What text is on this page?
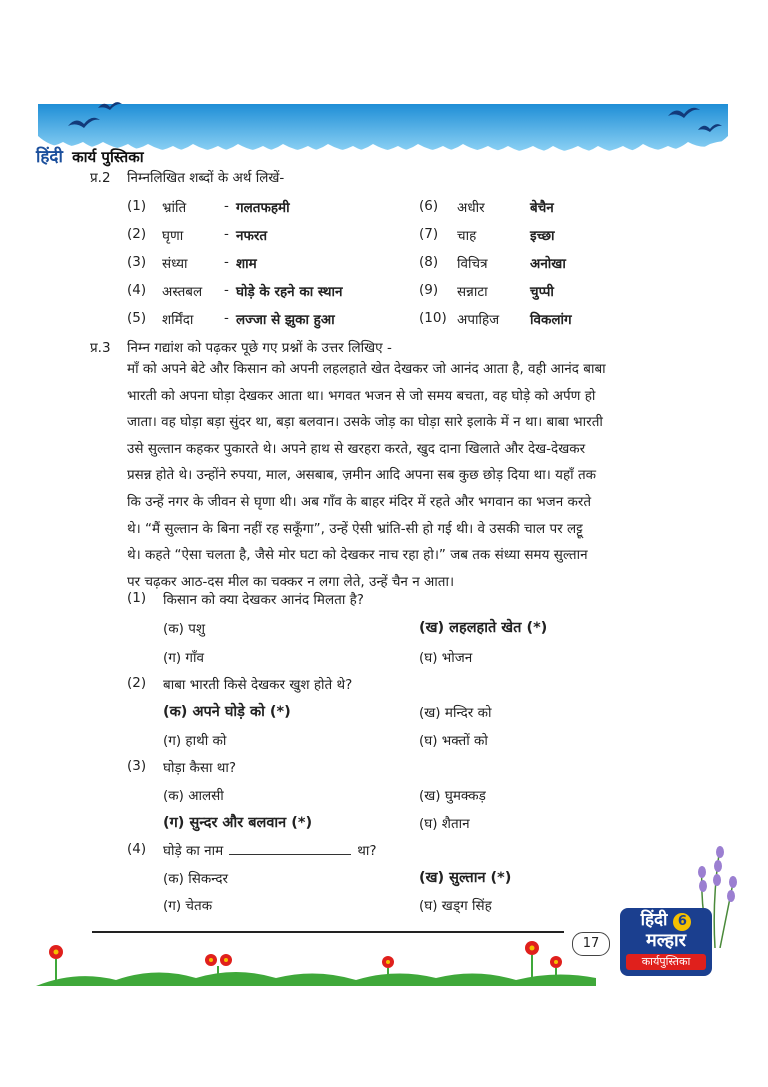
हिंदी कार्य पुस्तिका
प्र.2 निम्नलिखित शब्दों के अर्थ लिखें-
(1) भ्रांति	- गलतफहमी
(2) घृणा	- नफरत
(3) संध्या	- शाम
(4) अस्तबल - घोड़े के रहने का स्थान
(5) शर्मिंदा - लज्जा से झुका हुआ
(6) अधीर	बेचैन
(7) चाह	इच्छा
(8) विचित्र	अनोखा
(9) सन्नाटा	चुप्पी
(10) अपाहिज विकलांग
प्र.3 निम्न गद्यांश को पढ़कर पूछे गए प्रश्नों के उत्तर लिखिए -
माँ को अपने बेटे और किसान को अपनी लहलहाते खेत देखकर जो आनंद आता है, वही आनंद बाबा
भारती को अपना घोड़ा देखकर आता था। भगवत भजन से जो समय बचता, वह घोड़े को अर्पण हो
जाता। वह घोड़ा बड़ा सुंदर था, बड़ा बलवान। उसके जोड़ का घोड़ा सारे इलाके में न था। बाबा भारती
उसे सुल्तान कहकर पुकारते थे। अपने हाथ से खरहरा करते, खुद दाना खिलाते और देख-देखकर
प्रसन्न होते थे। उन्होंने रुपया, माल, असबाब, ज़मीन आदि अपना सब कुछ छोड़ दिया था। यहाँ तक
कि उन्हें नगर के जीवन से घृणा थी। अब गाँव के बाहर मंदिर में रहते और भगवान का भजन करते
थे। “मैं सुल्तान के बिना नहीं रह सकूँगा”, उन्हें ऐसी भ्रांति-सी हो गई थी। वे उसकी चाल पर लट्टू
थे। कहते “ऐसा चलता है, जैसे मोर घटा को देखकर नाच रहा हो।” जब तक संध्या समय सुल्तान
पर चढ़कर आठ-दस मील का चक्कर न लगा लेते, उन्हें चैन न आता।
(1) किसान को क्या देखकर आनंद मिलता है?
(क) पशु	(ख) लहलहाते खेत (*)
(ग) गाँव	(घ) भोजन
(2) बाबा भारती किसे देखकर खुश होते थे?
(क) अपने घोड़े को (*)	(ख) मन्दिर को
(ग) हाथी को	(घ) भक्तों को
(3) घोड़ा कैसा था?
(क) आलसी	(ख) घुमक्कड़
(ग) सुन्दर और बलवान (*)	(घ) शैतान
(4) घोड़े का नाम	था?
(क) सिकन्दर	(ख) सुल्तान (*)
(ग) चेतक	(घ) खड्ग सिंह
17
हिंदी 6
मल्हार
कार्यपुस्तिका
